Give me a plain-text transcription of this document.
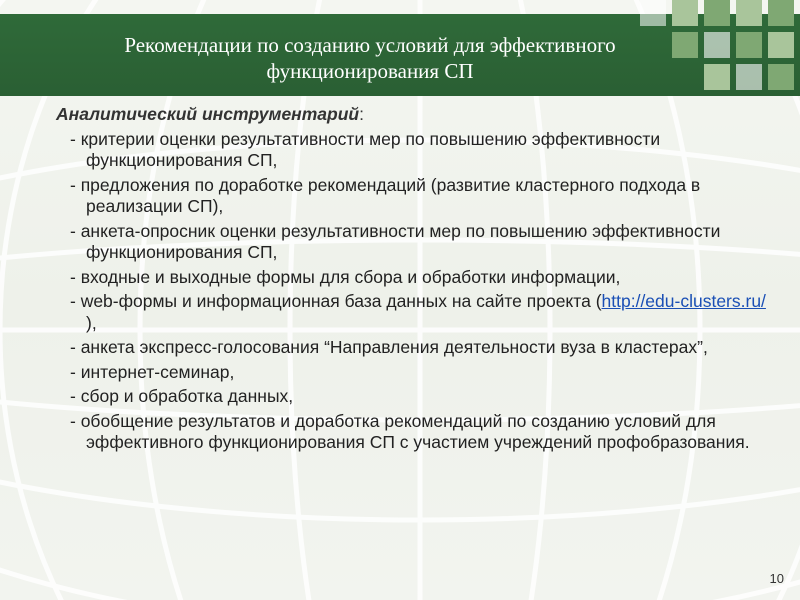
Рекомендации по созданию условий для эффективного
функционирования СП
Аналитический инструментарий:
- критерии оценки результативности мер по повышению эффективности функционирования СП,
- предложения по доработке рекомендаций (развитие кластерного подхода в реализации СП),
- анкета-опросник оценки результативности мер по повышению эффективности функционирования СП,
- входные и выходные формы для сбора и обработки информации,
- web-формы и информационная база данных на сайте проекта (http://edu-clusters.ru/ ),
- анкета экспресс-голосования “Направления деятельности вуза в кластерах”,
- интернет-семинар,
- сбор и обработка данных,
- обобщение результатов и доработка рекомендаций по созданию условий для эффективного функционирования СП с участием учреждений профобразования.
10
